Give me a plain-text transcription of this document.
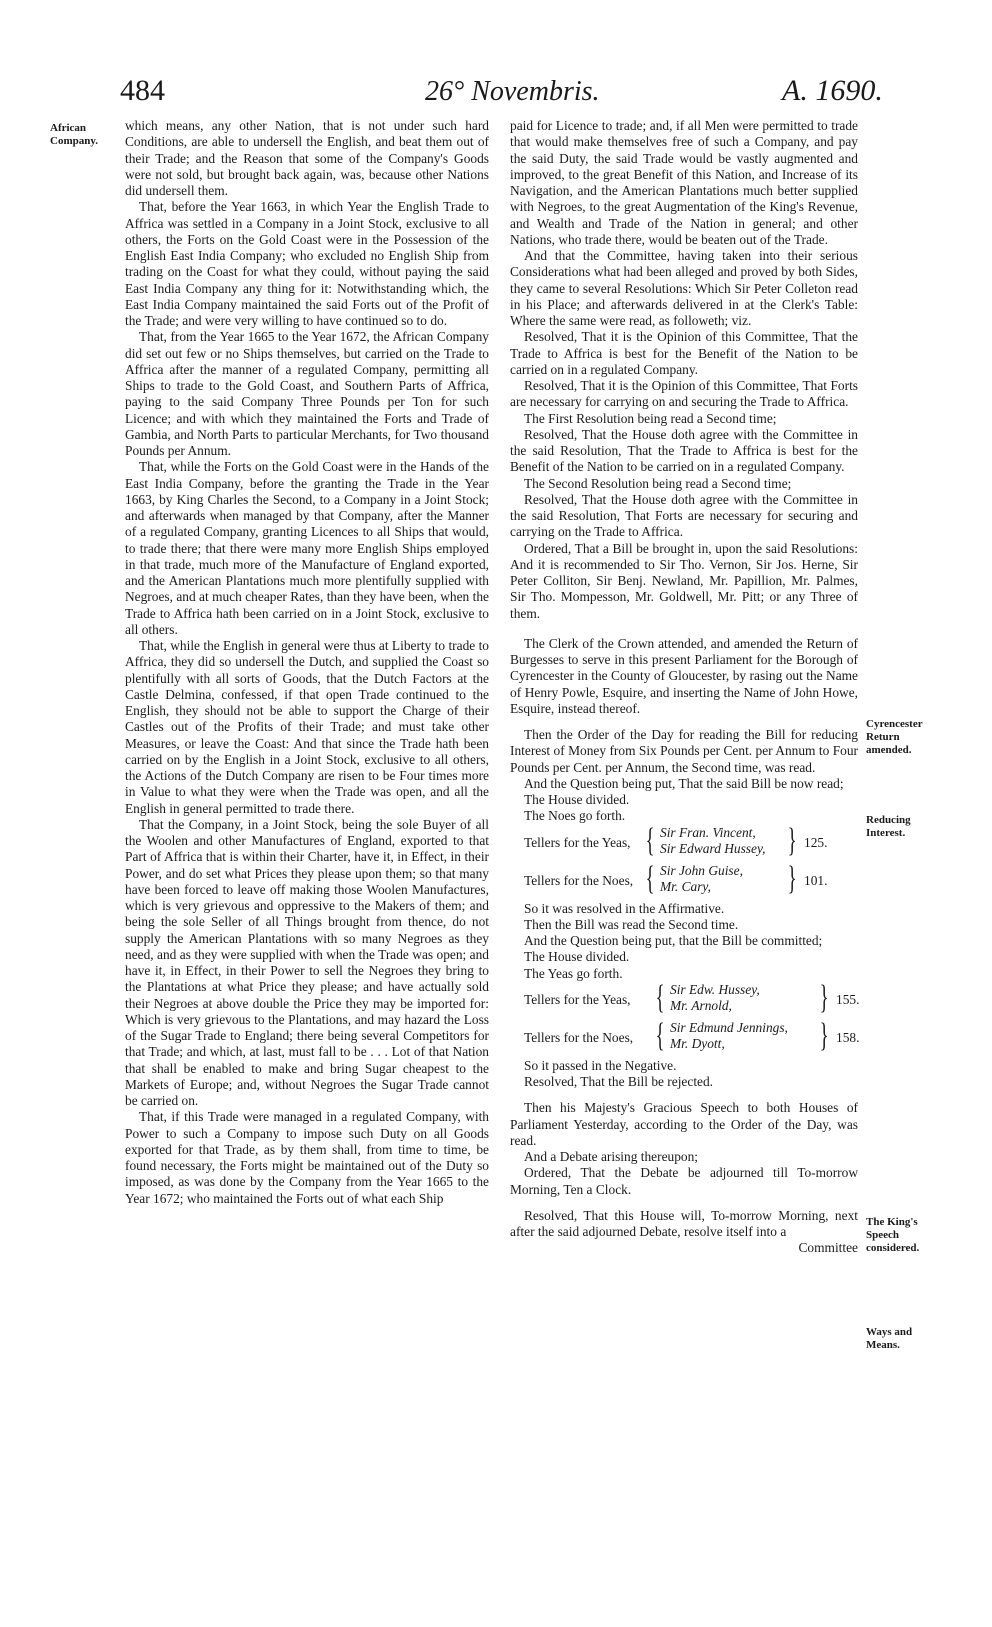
484	26° Novembris.	A. 1690.
African Company.

which means, any other Nation, that is not under such hard Conditions, are able to undersell the English, and beat them out of their Trade; and the Reason that some of the Company's Goods were not sold, but brought back again, was, because other Nations did undersell them.

That, before the Year 1663, in which Year the English Trade to Affrica was settled in a Company in a Joint Stock, exclusive to all others, the Forts on the Gold Coast were in the Possession of the English East India Company; who excluded no English Ship from trading on the Coast for what they could, without paying the said East India Company any thing for it: Notwithstanding which, the East India Company maintained the said Forts out of the Profit of the Trade; and were very willing to have continued so to do.

That, from the Year 1665 to the Year 1672, the African Company did set out few or no Ships themselves, but carried on the Trade to Affrica after the manner of a regulated Company, permitting all Ships to trade to the Gold Coast, and Southern Parts of Affrica, paying to the said Company Three Pounds per Ton for such Licence; and with which they maintained the Forts and Trade of Gambia, and North Parts to particular Merchants, for Two thousand Pounds per Annum.

That, while the Forts on the Gold Coast were in the Hands of the East India Company, before the granting the Trade in the Year 1663, by King Charles the Second, to a Company in a Joint Stock; and afterwards when managed by that Company, after the Manner of a regulated Company, granting Licences to all Ships that would, to trade there; that there were many more English Ships employed in that trade, much more of the Manufacture of England exported, and the American Plantations much more plentifully supplied with Negroes, and at much cheaper Rates, than they have been, when the Trade to Affrica hath been carried on in a Joint Stock, exclusive to all others.

That, while the English in general were thus at Liberty to trade to Affrica, they did so undersell the Dutch, and supplied the Coast so plentifully with all sorts of Goods, that the Dutch Factors at the Castle Delmina, confessed, if that open Trade continued to the English, they should not be able to support the Charge of their Castles out of the Profits of their Trade; and must take other Measures, or leave the Coast: And that since the Trade hath been carried on by the English in a Joint Stock, exclusive to all others, the Actions of the Dutch Company are risen to be Four times more in Value to what they were when the Trade was open, and all the English in general permitted to trade there.

That the Company, in a Joint Stock, being the sole Buyer of all the Woolen and other Manufactures of England, exported to that Part of Affrica that is within their Charter, have it, in Effect, in their Power, and do set what Prices they please upon them; so that many have been forced to leave off making those Woolen Manufactures, which is very grievous and oppressive to the Makers of them; and being the sole Seller of all Things brought from thence, do not supply the American Plantations with so many Negroes as they need, and as they were supplied with when the Trade was open; and have it, in Effect, in their Power to sell the Negroes they bring to the Plantations at what Price they please; and have actually sold their Negroes at above double the Price they may be imported for: Which is very grievous to the Plantations, and may hazard the Loss of the Sugar Trade to England; there being several Competitors for that Trade; and which, at last, must fall to be . . . Lot of that Nation that shall be enabled to make and bring Sugar cheapest to the Markets of Europe; and, without Negroes the Sugar Trade cannot be carried on.

That, if this Trade were managed in a regulated Company, with Power to such a Company to impose such Duty on all Goods exported for that Trade, as by them shall, from time to time, be found necessary, the Forts might be maintained out of the Duty so imposed, as was done by the Company from the Year 1665 to the Year 1672; who maintained the Forts out of what each Ship

paid for Licence to trade; and, if all Men were permitted to trade that would make themselves free of such a Company, and pay the said Duty, the said Trade would be vastly augmented and improved, to the great Benefit of this Nation, and Increase of its Navigation, and the American Plantations much better supplied with Negroes, to the great Augmentation of the King's Revenue, and Wealth and Trade of the Nation in general; and other Nations, who trade there, would be beaten out of the Trade.

And that the Committee, having taken into their serious Considerations what had been alleged and proved by both Sides, they came to several Resolutions: Which Sir Peter Colleton read in his Place; and afterwards delivered in at the Clerk's Table: Where the same were read, as followeth; viz.

Resolved, That it is the Opinion of this Committee, That the Trade to Affrica is best for the Benefit of the Nation to be carried on in a regulated Company.

Resolved, That it is the Opinion of this Committee, That Forts are necessary for carrying on and securing the Trade to Affrica.

The First Resolution being read a Second time;

Resolved, That the House doth agree with the Committee in the said Resolution, That the Trade to Affrica is best for the Benefit of the Nation to be carried on in a regulated Company.

The Second Resolution being read a Second time;

Resolved, That the House doth agree with the Committee in the said Resolution, That Forts are necessary for securing and carrying on the Trade to Affrica.

Ordered, That a Bill be brought in, upon the said Resolutions: And it is recommended to Sir Tho. Vernon, Sir Jos. Herne, Sir Peter Colliton, Sir Benj. Newland, Mr. Papillion, Mr. Palmes, Sir Tho. Mompesson, Mr. Goldwell, Mr. Pitt; or any Three of them.

The Clerk of the Crown attended, and amended the Return of Burgesses to serve in this present Parliament for the Borough of Cyrencester in the County of Gloucester, by rasing out the Name of Henry Powle, Esquire, and inserting the Name of John Howe, Esquire, instead thereof.

Then the Order of the Day for reading the Bill for reducing Interest of Money from Six Pounds per Cent. per Annum to Four Pounds per Cent. per Annum, the Second time, was read.

And the Question being put, That the said Bill be now read;

The House divided.

The Noes go forth.

Tellers for the Yeas, { Sir Fran. Vincent,
Sir Edward Hussey, } 125.
Tellers for the Noes, { Sir John Guise,
Mr. Cary,	} 101.

So it was resolved in the Affirmative.

Then the Bill was read the Second time.

And the Question being put, that the Bill be committed;

The House divided.

The Yeas go forth.

Tellers for the Yeas, { Sir Edw. Hussey,
Mr. Arnold,	} 155.
Tellers for the Noes, { Sir Edmund Jennings,
Mr. Dyott,	} 158.

So it passed in the Negative.

Resolved, That the Bill be rejected.

Then his Majesty's Gracious Speech to both Houses of Parliament Yesterday, according to the Order of the Day, was read.

And a Debate arising thereupon;

Ordered, That the Debate be adjourned till To-morrow Morning, Ten a Clock.

Resolved, That this House will, To-morrow Morning, next after the said adjourned Debate, resolve itself into a

Committee
Cyrencester Return amended.
Reducing Interest.
The King's Speech considered.
Ways and Means.
